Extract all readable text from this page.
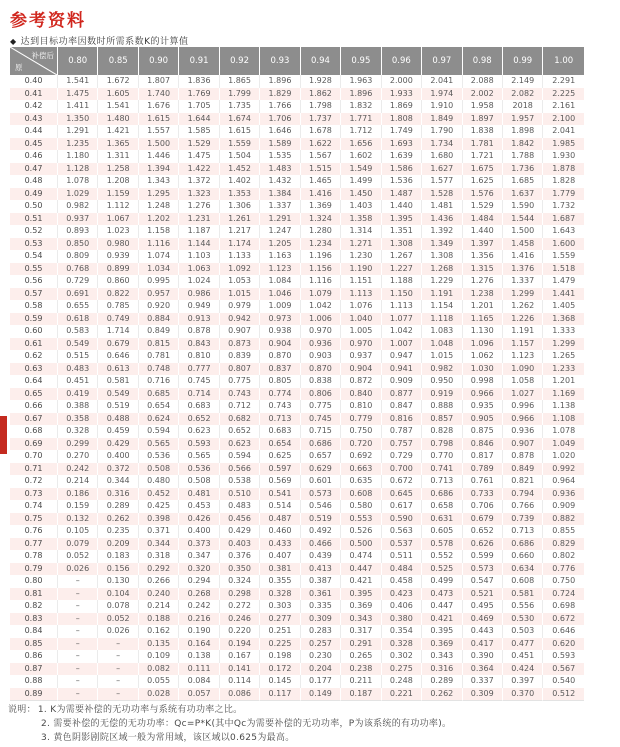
参考资料
◆ 达到目标功率因数时所需系数K的计算值
补偿后
原	0.80	0.85	0.90	0.91	0.92	0.93	0.94	0.95	0.96	0.97	0.98	0.99	1.00
0.40	1.541	1.672	1.807	1.836	1.865	1.896	1.928	1.963	2.000	2.041	2.088	2.149	2.291
0.41	1.475	1.605	1.740	1.769	1.799	1.829	1.862	1.896	1.933	1.974	2.002	2.082	2.225
0.42	1.411	1.541	1.676	1.705	1.735	1.766	1.798	1.832	1.869	1.910	1.958	2018	2.161
0.43	1.350	1.480	1.615	1.644	1.674	1.706	1.737	1.771	1.808	1.849	1.897	1.957	2.100
0.44	1.291	1.421	1.557	1.585	1.615	1.646	1.678	1.712	1.749	1.790	1.838	1.898	2.041
0.45	1.235	1.365	1.500	1.529	1.559	1.589	1.622	1.656	1.693	1.734	1.781	1.842	1.985
0.46	1.180	1.311	1.446	1.475	1.504	1.535	1.567	1.602	1.639	1.680	1.721	1.788	1.930
0.47	1.128	1.258	1.394	1.422	1.452	1.483	1.515	1.549	1.586	1.627	1.675	1.736	1.878
0.48	1.078	1.208	1.343	1.372	1.402	1.432	1.465	1.499	1.536	1.577	1.625	1.685	1.828
0.49	1.029	1.159	1.295	1.323	1.353	1.384	1.416	1.450	1.487	1.528	1.576	1.637	1.779
0.50	0.982	1.112	1.248	1.276	1.306	1.337	1.369	1.403	1.440	1.481	1.529	1.590	1.732
0.51	0.937	1.067	1.202	1.231	1.261	1.291	1.324	1.358	1.395	1.436	1.484	1.544	1.687
0.52	0.893	1.023	1.158	1.187	1.217	1.247	1.280	1.314	1.351	1.392	1.440	1.500	1.643
0.53	0.850	0.980	1.116	1.144	1.174	1.205	1.234	1.271	1.308	1.349	1.397	1.458	1.600
0.54	0.809	0.939	1.074	1.103	1.133	1.163	1.196	1.230	1.267	1.308	1.356	1.416	1.559
0.55	0.768	0.899	1.034	1.063	1.092	1.123	1.156	1.190	1.227	1.268	1.315	1.376	1.518
0.56	0.729	0.860	0.995	1.024	1.053	1.084	1.116	1.151	1.188	1.229	1.276	1.337	1.479
0.57	0.691	0.822	0.957	0.986	1.015	1.046	1.079	1.113	1.150	1.191	1.238	1.299	1.441
0.58	0.655	0.785	0.920	0.949	0.979	1.009	1.042	1.076	1.113	1.154	1.201	1.262	1.405
0.59	0.618	0.749	0.884	0.913	0.942	0.973	1.006	1.040	1.077	1.118	1.165	1.226	1.368
0.60	0.583	1.714	0.849	0.878	0.907	0.938	0.970	1.005	1.042	1.083	1.130	1.191	1.333
0.61	0.549	0.679	0.815	0.843	0.873	0.904	0.936	0.970	1.007	1.048	1.096	1.157	1.299
0.62	0.515	0.646	0.781	0.810	0.839	0.870	0.903	0.937	0.947	1.015	1.062	1.123	1.265
0.63	0.483	0.613	0.748	0.777	0.807	0.837	0.870	0.904	0.941	0.982	1.030	1.090	1.233
0.64	0.451	0.581	0.716	0.745	0.775	0.805	0.838	0.872	0.909	0.950	0.998	1.058	1.201
0.65	0.419	0.549	0.685	0.714	0.743	0.774	0.806	0.840	0.877	0.919	0.966	1.027	1.169
0.66	0.388	0.519	0.654	0.683	0.712	0.743	0.775	0.810	0.847	0.888	0.935	0.996	1.138
0.67	0.358	0.488	0.624	0.652	0.682	0.713	0.745	0.779	0.816	0.857	0.905	0.966	1.108
0.68	0.328	0.459	0.594	0.623	0.652	0.683	0.715	0.750	0.787	0.828	0.875	0.936	1.078
0.69	0.299	0.429	0.565	0.593	0.623	0.654	0.686	0.720	0.757	0.798	0.846	0.907	1.049
0.70	0.270	0.400	0.536	0.565	0.594	0.625	0.657	0.692	0.729	0.770	0.817	0.878	1.020
0.71	0.242	0.372	0.508	0.536	0.566	0.597	0.629	0.663	0.700	0.741	0.789	0.849	0.992
0.72	0.214	0.344	0.480	0.508	0.538	0.569	0.601	0.635	0.672	0.713	0.761	0.821	0.964
0.73	0.186	0.316	0.452	0.481	0.510	0.541	0.573	0.608	0.645	0.686	0.733	0.794	0.936
0.74	0.159	0.289	0.425	0.453	0.483	0.514	0.546	0.580	0.617	0.658	0.706	0.766	0.909
0.75	0.132	0.262	0.398	0.426	0.456	0.487	0.519	0.553	0.590	0.631	0.679	0.739	0.882
0.76	0.105	0.235	0.371	0.400	0.429	0.460	0.492	0.526	0.563	0.605	0.652	0.713	0.855
0.77	0.079	0.209	0.344	0.373	0.403	0.433	0.466	0.500	0.537	0.578	0.626	0.686	0.829
0.78	0.052	0.183	0.318	0.347	0.376	0.407	0.439	0.474	0.511	0.552	0.599	0.660	0.802
0.79	0.026	0.156	0.292	0.320	0.350	0.381	0.413	0.447	0.484	0.525	0.573	0.634	0.776
0.80	–	0.130	0.266	0.294	0.324	0.355	0.387	0.421	0.458	0.499	0.547	0.608	0.750
0.81	–	0.104	0.240	0.268	0.298	0.328	0.361	0.395	0.423	0.473	0.521	0.581	0.724
0.82	–	0.078	0.214	0.242	0.272	0.303	0.335	0.369	0.406	0.447	0.495	0.556	0.698
0.83	–	0.052	0.188	0.216	0.246	0.277	0.309	0.343	0.380	0.421	0.469	0.530	0.672
0.84	–	0.026	0.162	0.190	0.220	0.251	0.283	0.317	0.354	0.395	0.443	0.503	0.646
0.85	–	–	0.135	0.164	0.194	0.225	0.257	0.291	0.328	0.369	0.417	0.477	0.620
0.86	–	–	0.109	0.138	0.167	0.198	0.230	0.265	0.302	0.343	0.390	0.451	0.593
0.87	–	–	0.082	0.111	0.141	0.172	0.204	0.238	0.275	0.316	0.364	0.424	0.567
0.88	–	–	0.055	0.084	0.114	0.145	0.177	0.211	0.248	0.289	0.337	0.397	0.540
0.89	–	–	0.028	0.057	0.086	0.117	0.149	0.187	0.221	0.262	0.309	0.370	0.512
说明： 1. K为需要补偿的无功功率与系统有功功率之比。
2. 需要补偿的无偿的无功功率：Qc=P*K(其中Qc为需要补偿的无功功率，P为该系统的有功功率)。
3. 黄色阴影剧院区域一般为常用域，该区域以0.625为最高。
